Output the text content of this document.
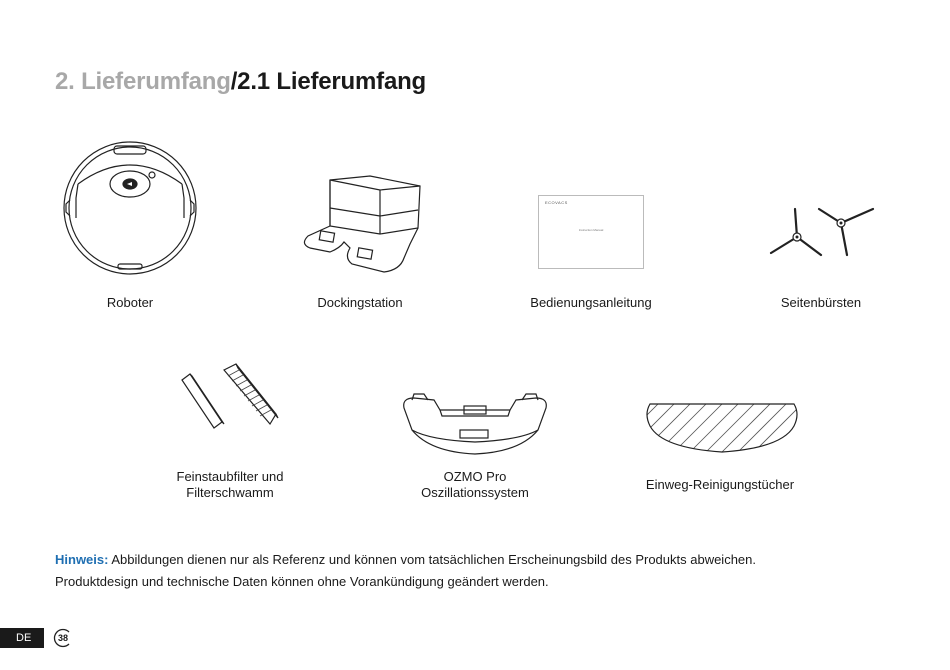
2. Lieferumfang/2.1 Lieferumfang
Roboter	Dockingstation
ECOVACS
Instruction Manual
Bedienungsanleitung	Seitenbürsten
Feinstaubfilter und
Filterschwamm
OZMO Pro
Oszillationssystem
Einweg-Reinigungstücher
Hinweis: Abbildungen dienen nur als Referenz und können vom tatsächlichen Erscheinungsbild des Produkts abweichen.
Produktdesign und technische Daten können ohne Vorankündigung geändert werden.
DE	38
